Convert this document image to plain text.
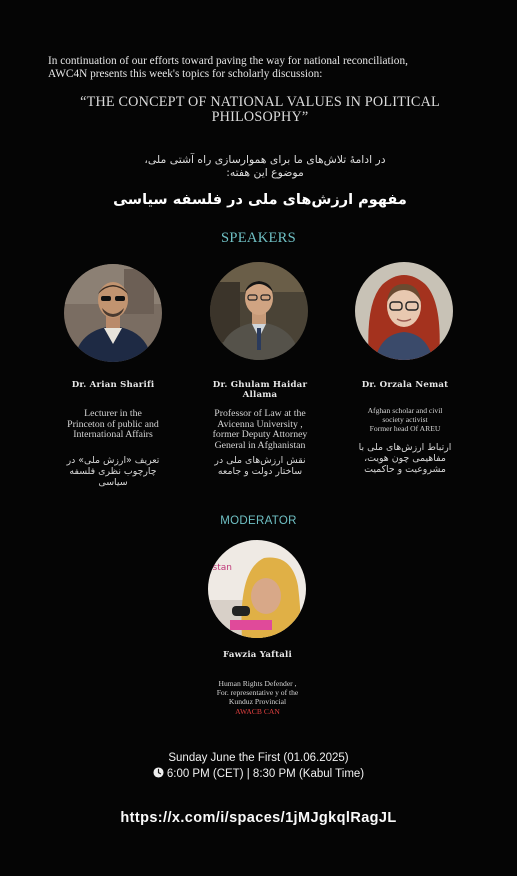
In continuation of our efforts toward paving the way for national reconciliation,
AWC4N presents this week's topics for scholarly discussion:
“THE CONCEPT OF NATIONAL VALUES IN POLITICAL
PHILOSOPHY”
در ادامهٔ تلاش‌های ما برای هموارسازی راه آشتی ملی،
موضوع این هفته:
مفهوم ارزش‌های ملی در فلسفه سیاسی
SPEAKERS
Dr. Arian Sharifi
Lecturer in the
Princeton of public and
International Affairs
تعریف «ارزش ملی» در
چارچوب نظری فلسفه
سیاسی
Dr. Ghulam Haidar
Allama
Professor of Law at the
Avicenna University ,
former Deputy Attorney
General in Afghanistan
نقش ارزش‌های ملی در
ساختار دولت و جامعه
Dr. Orzala Nemat
Afghan scholar and civil
society activist
Former head Of AREU
ارتباط ارزش‌های ملی با
مفاهیمی چون هویت،
مشروعیت و حاکمیت
MODERATOR
istan
Fawzia Yaftali
Human Rights Defender ,
For. representative y of the
Kunduz Provincial
AWACB CAN
Sunday June the First (01.06.2025)
6:00 PM (CET) | 8:30 PM (Kabul Time)
https://x.com/i/spaces/1jMJgkqlRagJL
